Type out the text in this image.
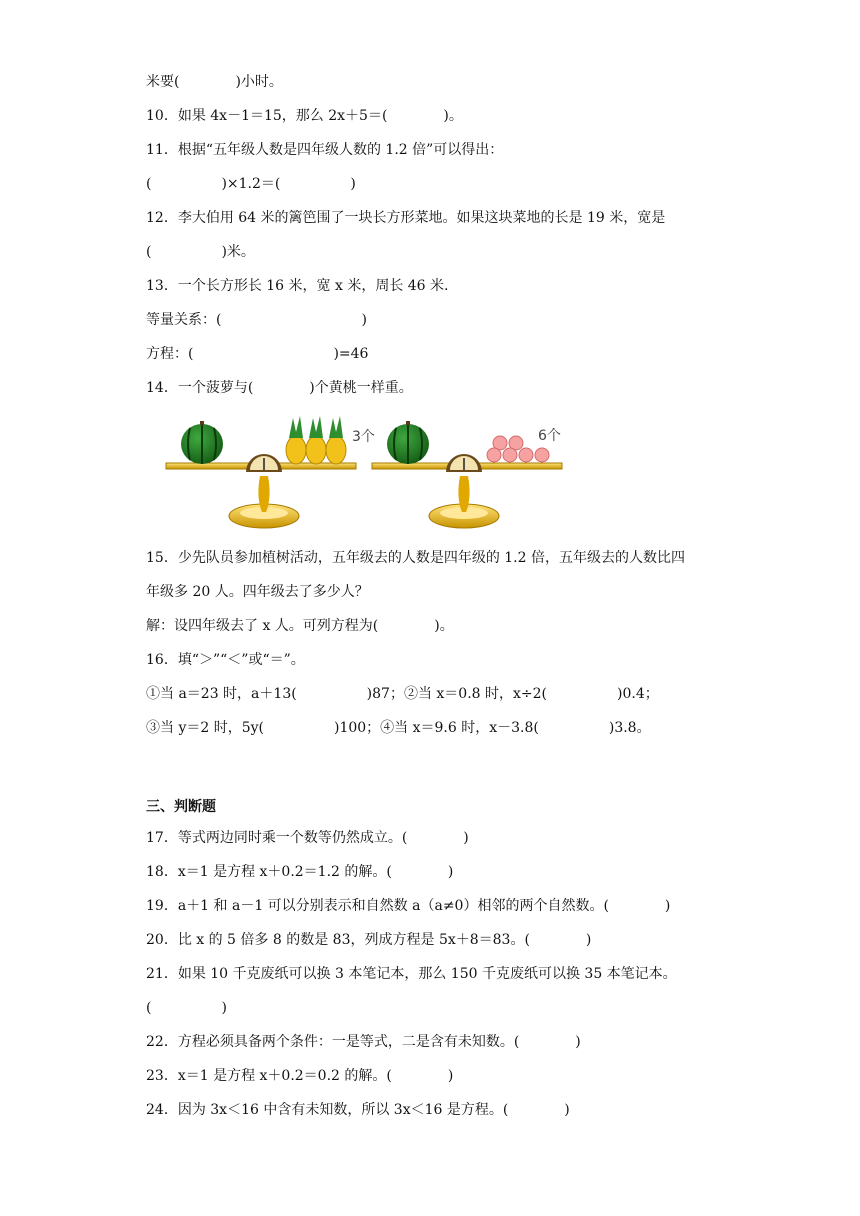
米要(　　　　)小时。
10．如果 4x－1＝15，那么 2x＋5＝(　　　　)。
11．根据“五年级人数是四年级人数的 1.2 倍”可以得出：
(　　　　　)×1.2＝(　　　　　)
12．李大伯用 64 米的篱笆围了一块长方形菜地。如果这块菜地的长是 19 米，宽是
(　　　　　)米。
13．一个长方形长 16 米，宽 x 米，周长 46 米.
等量关系：(　　　　　　　　　　)
方程：(　　　　　　　　　　)=46
14．一个菠萝与(　　　　)个黄桃一样重。
3个	6个
15．少先队员参加植树活动，五年级去的人数是四年级的 1.2 倍，五年级去的人数比四
年级多 20 人。四年级去了多少人？
解：设四年级去了 x 人。可列方程为(　　　　)。
16．填“＞”“＜”或“＝”。
①当 a＝23 时，a＋13(　　　　　)87；②当 x＝0.8 时，x÷2(　　　　　)0.4；
③当 y＝2 时，5y(　　　　　)100；④当 x＝9.6 时，x－3.8(　　　　　)3.8。
三、判断题
17．等式两边同时乘一个数等仍然成立。(　　　　)
18．x＝1 是方程 x＋0.2＝1.2 的解。(　　　　)
19．a＋1 和 a－1 可以分别表示和自然数 a（a≠0）相邻的两个自然数。(　　　　)
20．比 x 的 5 倍多 8 的数是 83，列成方程是 5x＋8＝83。(　　　　)
21．如果 10 千克废纸可以换 3 本笔记本，那么 150 千克废纸可以换 35 本笔记本。
(　　　　　)
22．方程必须具备两个条件：一是等式，二是含有未知数。(　　　　)
23．x＝1 是方程 x＋0.2＝0.2 的解。(　　　　)
24．因为 3x＜16 中含有未知数，所以 3x＜16 是方程。(　　　　)
